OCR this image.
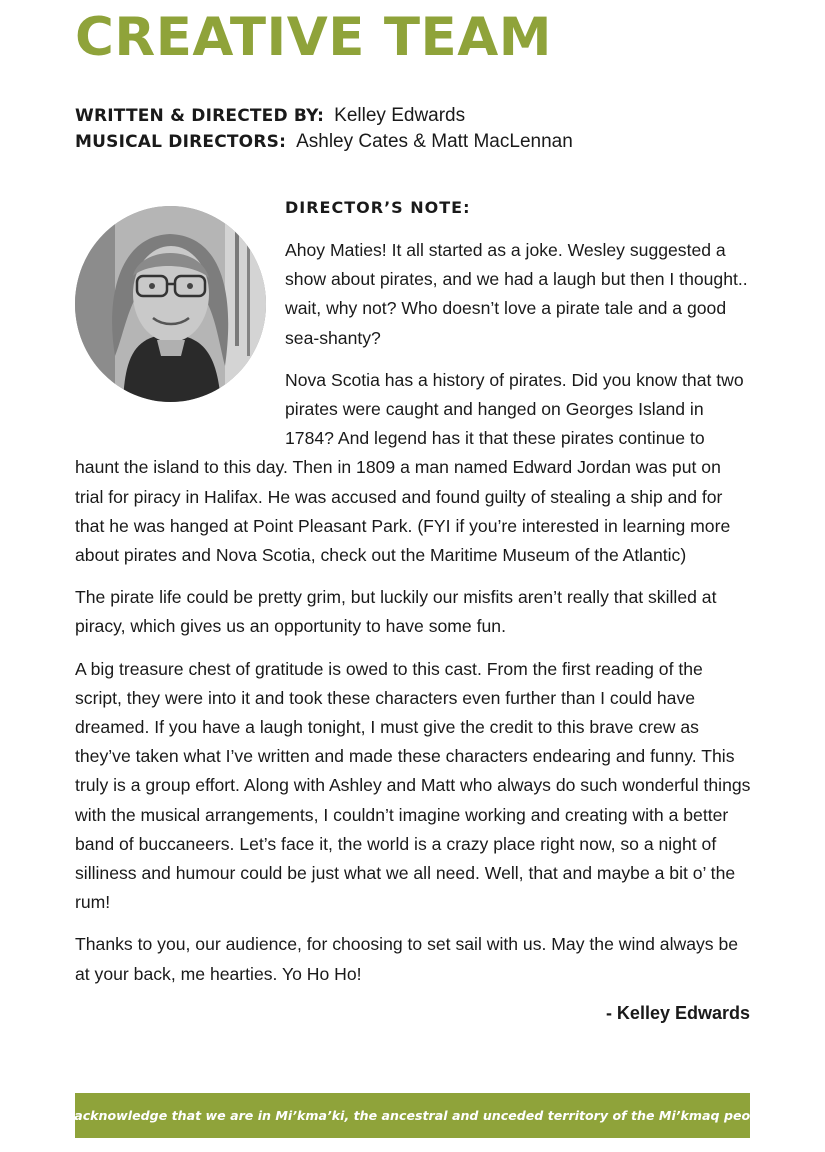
CREATIVE TEAM
WRITTEN & DIRECTED BY: Kelley Edwards
MUSICAL DIRECTORS: Ashley Cates & Matt MacLennan
DIRECTOR’S NOTE:

Ahoy Maties! It all started as a joke. Wesley suggested a show about pirates, and we had a laugh but then I thought.. wait, why not? Who doesn’t love a pirate tale and a good sea-shanty?

Nova Scotia has a history of pirates. Did you know that two pirates were caught and hanged on Georges Island in 1784? And legend has it that these pirates continue to haunt the island to this day. Then in 1809 a man named Edward Jordan was put on trial for piracy in Halifax. He was accused and found guilty of stealing a ship and for that he was hanged at Point Pleasant Park. (FYI if you’re interested in learning more about pirates and Nova Scotia, check out the Maritime Museum of the Atlantic)

The pirate life could be pretty grim, but luckily our misfits aren’t really that skilled at piracy, which gives us an opportunity to have some fun.

A big treasure chest of gratitude is owed to this cast. From the first reading of the script, they were into it and took these characters even further than I could have dreamed. If you have a laugh tonight, I must give the credit to this brave crew as they’ve taken what I’ve written and made these characters endearing and funny. This truly is a group effort. Along with Ashley and Matt who always do such wonderful things with the musical arrangements, I couldn’t imagine working and creating with a better band of buccaneers. Let’s face it, the world is a crazy place right now, so a night of silliness and humour could be just what we all need. Well, that and maybe a bit o’ the rum!

Thanks to you, our audience, for choosing to set sail with us. May the wind always be at your back, me hearties. Yo Ho Ho!

- Kelley Edwards

We acknowledge that we are in Mi’kma’ki, the ancestral and unceded territory of the Mi’kmaq people.
